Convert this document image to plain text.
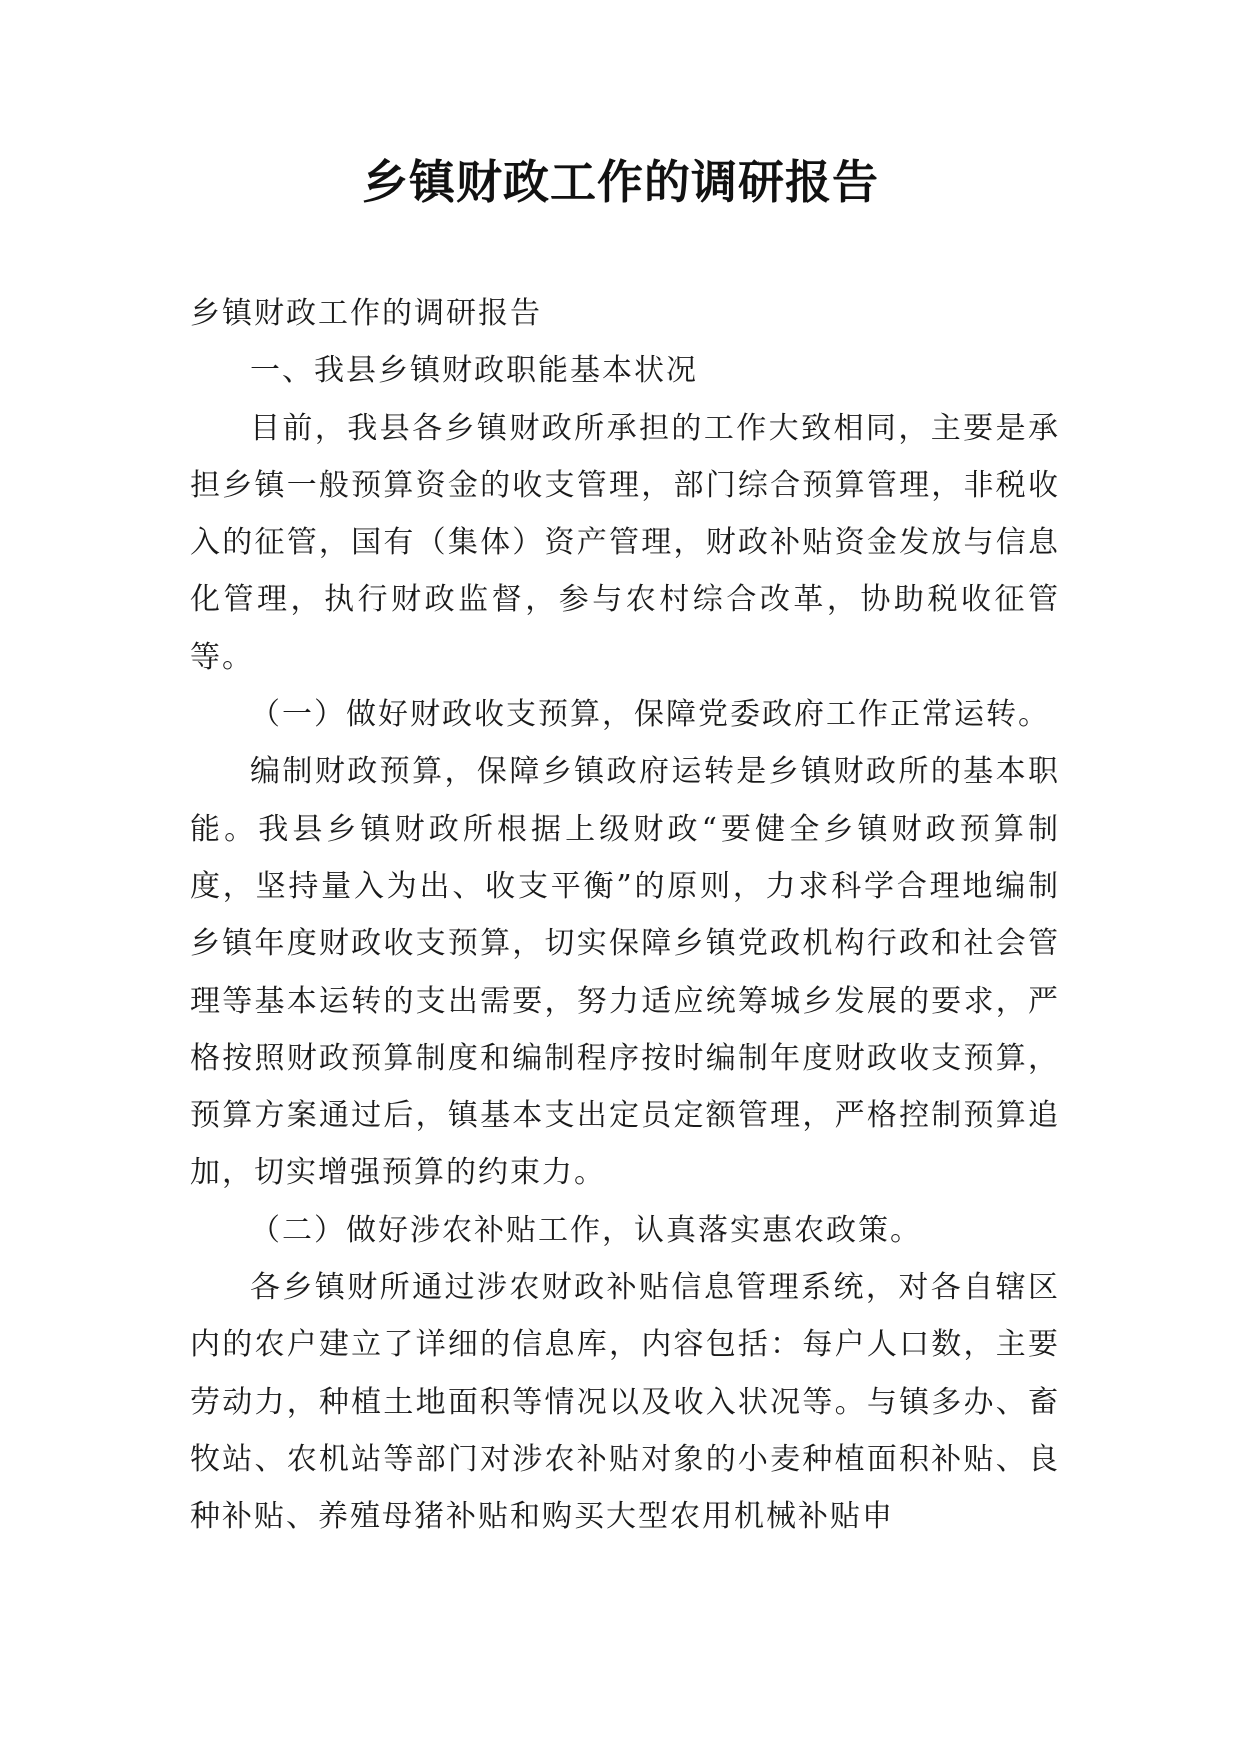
乡镇财政工作的调研报告

乡镇财政工作的调研报告

一、我县乡镇财政职能基本状况

目前，我县各乡镇财政所承担的工作大致相同，主要是承担乡镇一般预算资金的收支管理，部门综合预算管理，非税收入的征管，国有（集体）资产管理，财政补贴资金发放与信息化管理，执行财政监督，参与农村综合改革，协助税收征管等。

（一）做好财政收支预算，保障党委政府工作正常运转。

编制财政预算，保障乡镇政府运转是乡镇财政所的基本职能。我县乡镇财政所根据上级财政“要健全乡镇财政预算制度，坚持量入为出、收支平衡”的原则，力求科学合理地编制乡镇年度财政收支预算，切实保障乡镇党政机构行政和社会管理等基本运转的支出需要，努力适应统筹城乡发展的要求，严格按照财政预算制度和编制程序按时编制年度财政收支预算，预算方案通过后，镇基本支出定员定额管理，严格控制预算追加，切实增强预算的约束力。

（二）做好涉农补贴工作，认真落实惠农政策。

各乡镇财所通过涉农财政补贴信息管理系统，对各自辖区内的农户建立了详细的信息库，内容包括：每户人口数，主要劳动力，种植土地面积等情况以及收入状况等。与镇多办、畜牧站、农机站等部门对涉农补贴对象的小麦种植面积补贴、良种补贴、养殖母猪补贴和购买大型农用机械补贴申
